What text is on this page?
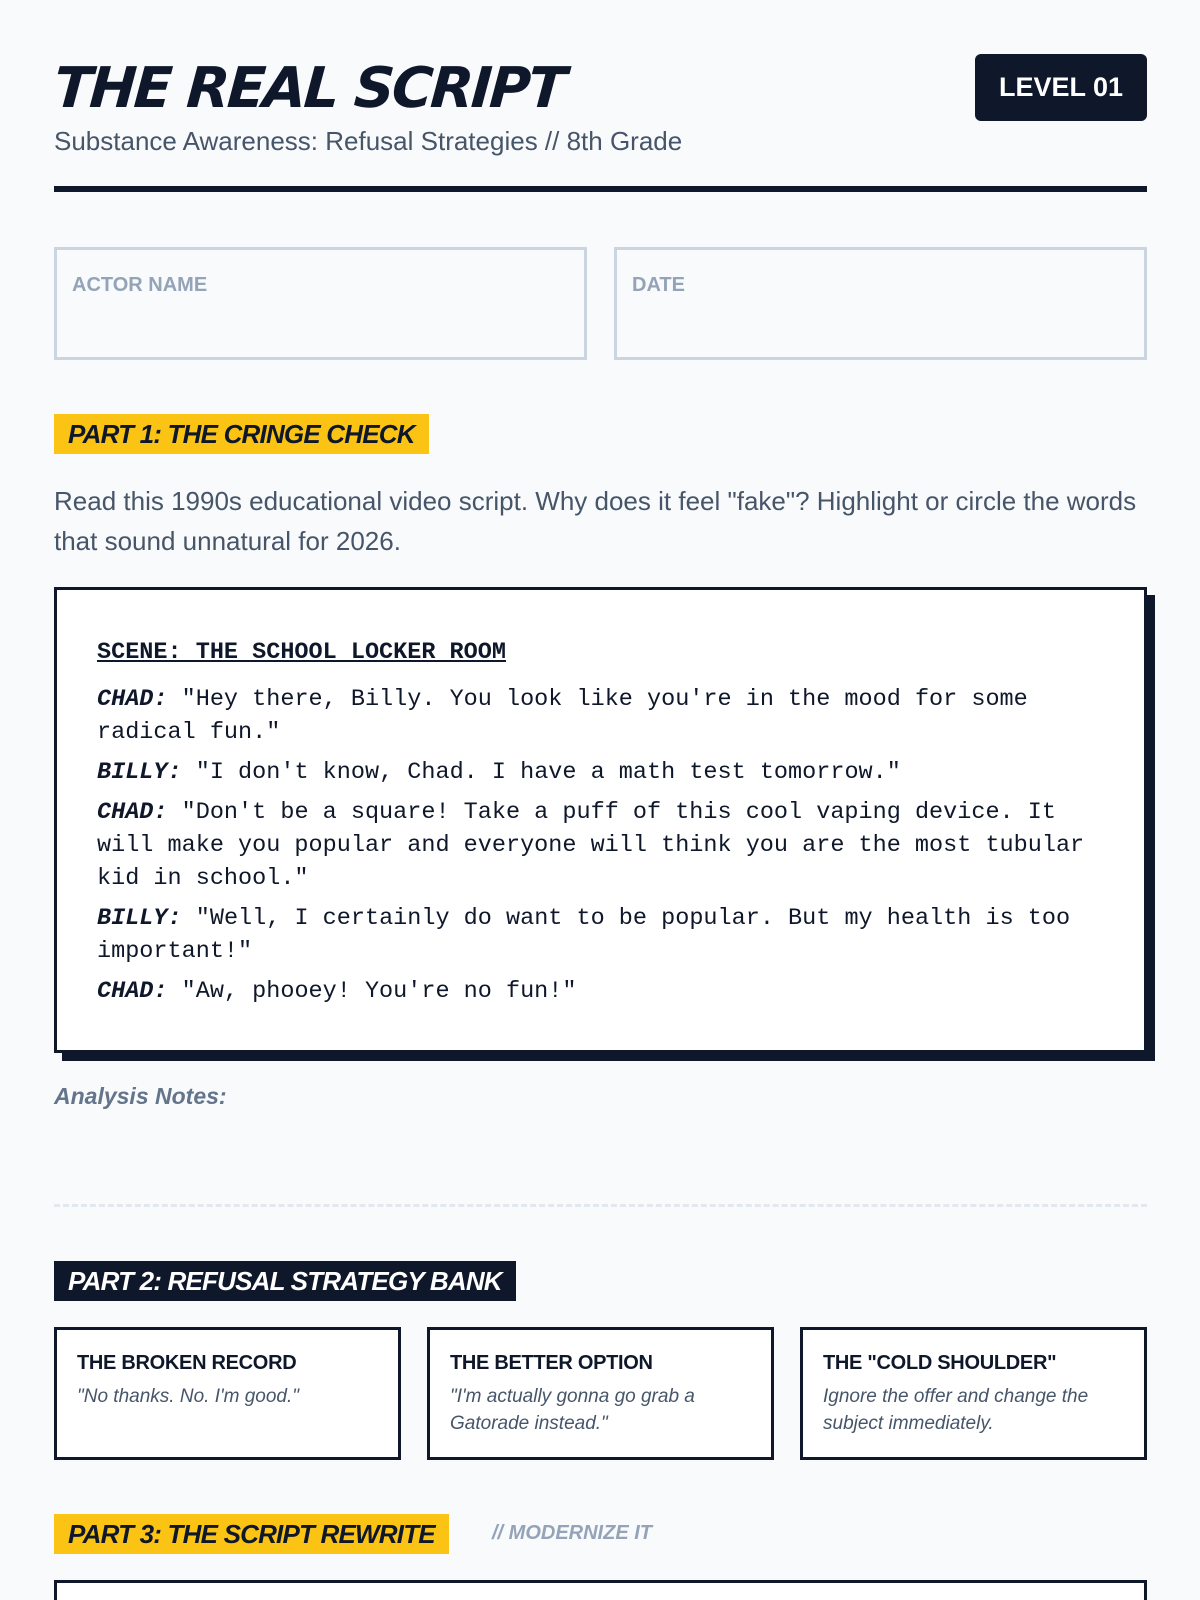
THE REAL SCRIPT
Substance Awareness: Refusal Strategies // 8th Grade
LEVEL 01
ACTOR NAME	DATE
PART 1: THE CRINGE CHECK
Read this 1990s educational video script. Why does it feel "fake"? Highlight or circle the words that sound unnatural for 2026.
SCENE: THE SCHOOL LOCKER ROOM
CHAD: "Hey there, Billy. You look like you're in the mood for some radical fun."
BILLY: "I don't know, Chad. I have a math test tomorrow."
CHAD: "Don't be a square! Take a puff of this cool vaping device. It will make you popular and everyone will think you are the most tubular kid in school."
BILLY: "Well, I certainly do want to be popular. But my health is too important!"
CHAD: "Aw, phooey! You're no fun!"
Analysis Notes:
PART 2: REFUSAL STRATEGY BANK
THE BROKEN RECORD
"No thanks. No. I'm good."
THE BETTER OPTION
"I'm actually gonna go grab a Gatorade instead."
THE "COLD SHOULDER"
Ignore the offer and change the subject immediately.
PART 3: THE SCRIPT REWRITE	// MODERNIZE IT
